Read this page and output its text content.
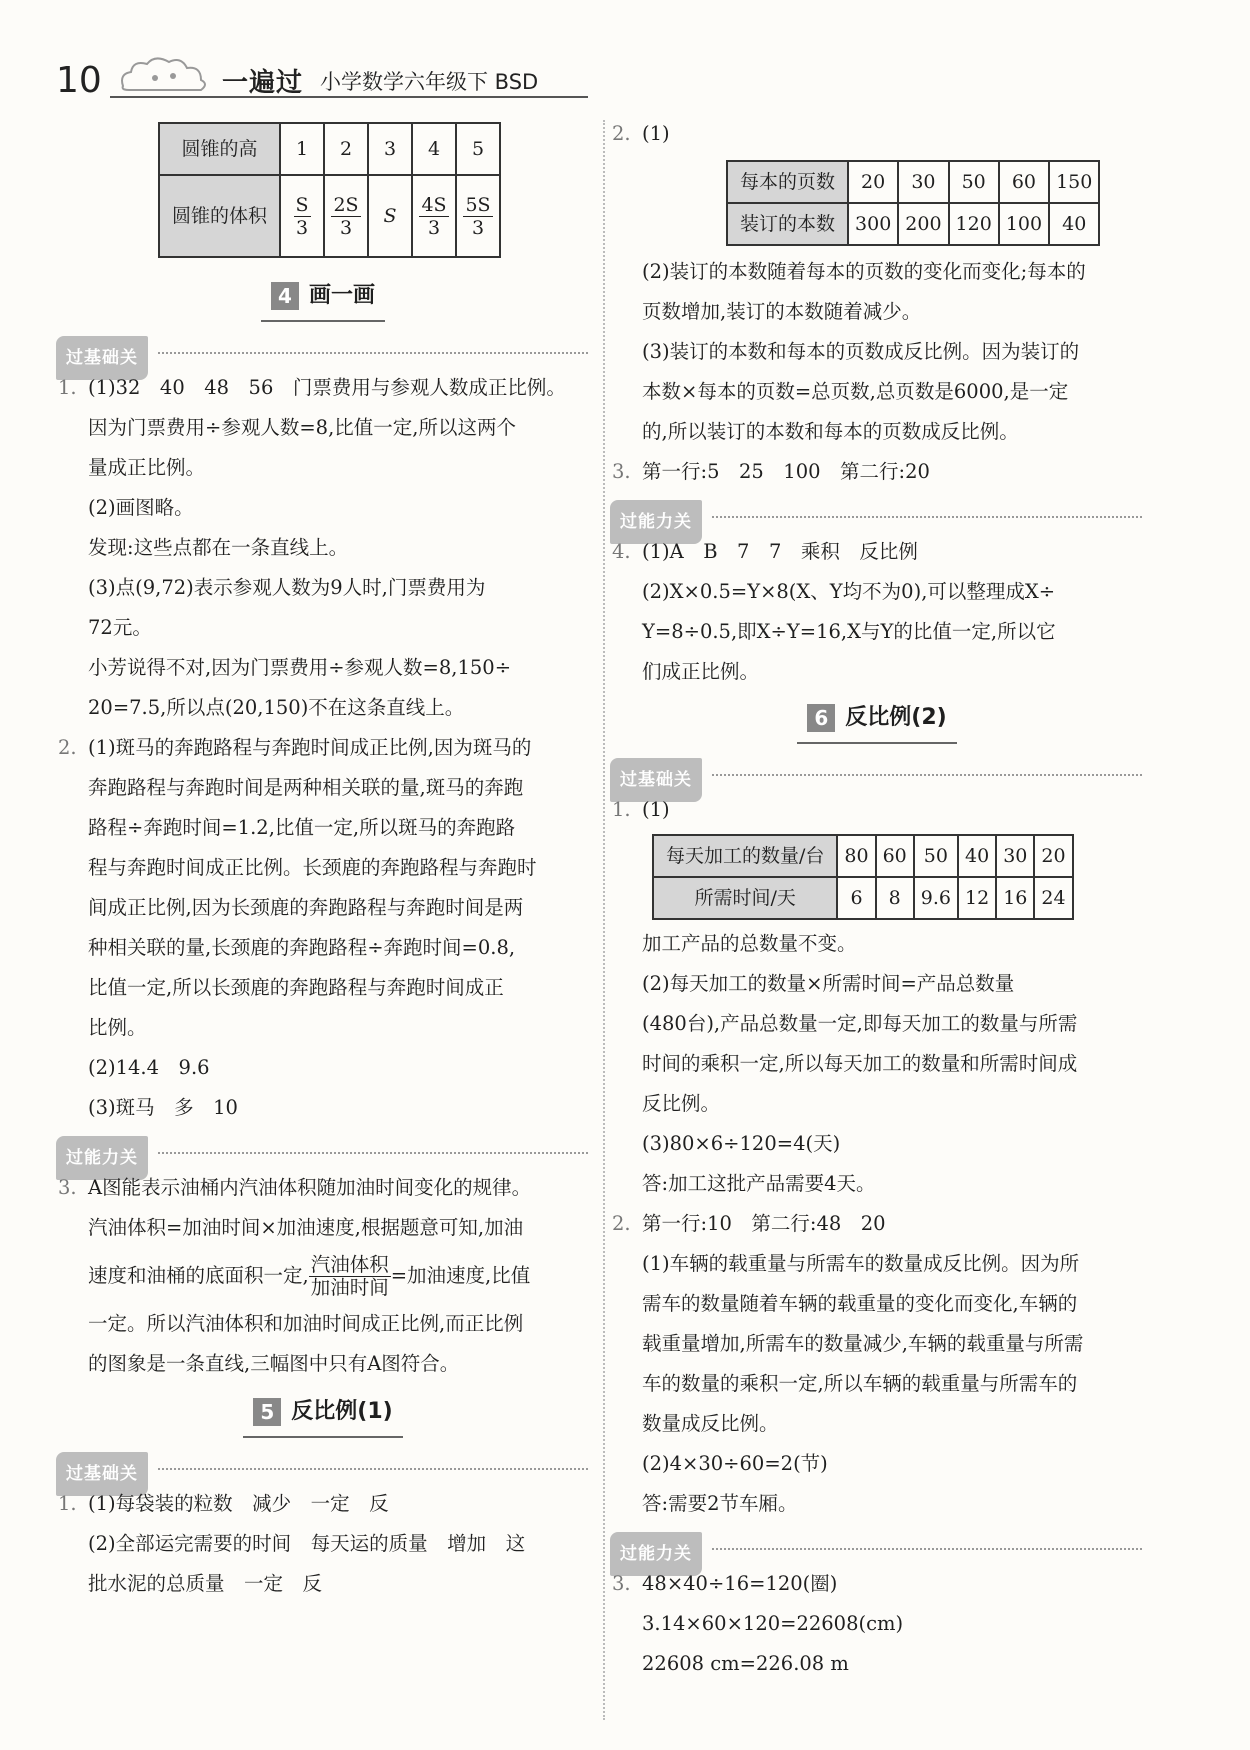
10	一遍过 小学数学六年级下 BSD
圆锥的高	1	2	3	4	5
圆锥的体积	$\frac{S}{3}$	$\frac{2S}{3}$	S	$\frac{4S}{3}$	$\frac{5S}{3}$
4 画一画
过基础关
1. (1)32　40　48　56　门票费用与参观人数成正比例。
因为门票费用÷参观人数=8,比值一定,所以这两个
量成正比例。
(2)画图略。
发现:这些点都在一条直线上。
(3)点(9,72)表示参观人数为9人时,门票费用为
72元。
小芳说得不对,因为门票费用÷参观人数=8,150÷
20=7.5,所以点(20,150)不在这条直线上。
2. (1)斑马的奔跑路程与奔跑时间成正比例,因为斑马的
奔跑路程与奔跑时间是两种相关联的量,斑马的奔跑
路程÷奔跑时间=1.2,比值一定,所以斑马的奔跑路
程与奔跑时间成正比例。长颈鹿的奔跑路程与奔跑时
间成正比例,因为长颈鹿的奔跑路程与奔跑时间是两
种相关联的量,长颈鹿的奔跑路程÷奔跑时间=0.8,
比值一定,所以长颈鹿的奔跑路程与奔跑时间成正
比例。
(2)14.4　9.6
(3)斑马　多　10
过能力关
3. A图能表示油桶内汽油体积随加油时间变化的规律。
汽油体积=加油时间×加油速度,根据题意可知,加油
速度和油桶的底面积一定, $\frac{\text{汽油体积}}{\text{加油时间}}$ =加油速度,比值
一定。所以汽油体积和加油时间成正比例,而正比例
的图象是一条直线,三幅图中只有A图符合。
5 反比例(1)
过基础关
1. (1)每袋装的粒数　减少　一定　反
(2)全部运完需要的时间　每天运的质量　增加　这
批水泥的总质量　一定　反
2. (1)
每本的页数	20	30	50	60	150
装订的本数	300	200	120	100	40
(2)装订的本数随着每本的页数的变化而变化;每本的
页数增加,装订的本数随着减少。
(3)装订的本数和每本的页数成反比例。因为装订的
本数×每本的页数=总页数,总页数是6000,是一定
的,所以装订的本数和每本的页数成反比例。
3. 第一行:5　25　100　第二行:20
过能力关
4. (1)A　B　7　7　乘积　反比例
(2)X×0.5=Y×8(X、Y均不为0),可以整理成X÷
Y=8÷0.5,即X÷Y=16,X与Y的比值一定,所以它
们成正比例。
6 反比例(2)
过基础关
1. (1)
每天加工的数量/台	80	60	50	40	30	20
所需时间/天	6	8	9.6	12	16	24
加工产品的总数量不变。
(2)每天加工的数量×所需时间=产品总数量
(480台),产品总数量一定,即每天加工的数量与所需
时间的乘积一定,所以每天加工的数量和所需时间成
反比例。
(3)80×6÷120=4(天)
答:加工这批产品需要4天。
2. 第一行:10　第二行:48　20
(1)车辆的载重量与所需车的数量成反比例。因为所
需车的数量随着车辆的载重量的变化而变化,车辆的
载重量增加,所需车的数量减少,车辆的载重量与所需
车的数量的乘积一定,所以车辆的载重量与所需车的
数量成反比例。
(2)4×30÷60=2(节)
答:需要2节车厢。
过能力关
3. 48×40÷16=120(圈)
3.14×60×120=22608(cm)
22608 cm=226.08 m
